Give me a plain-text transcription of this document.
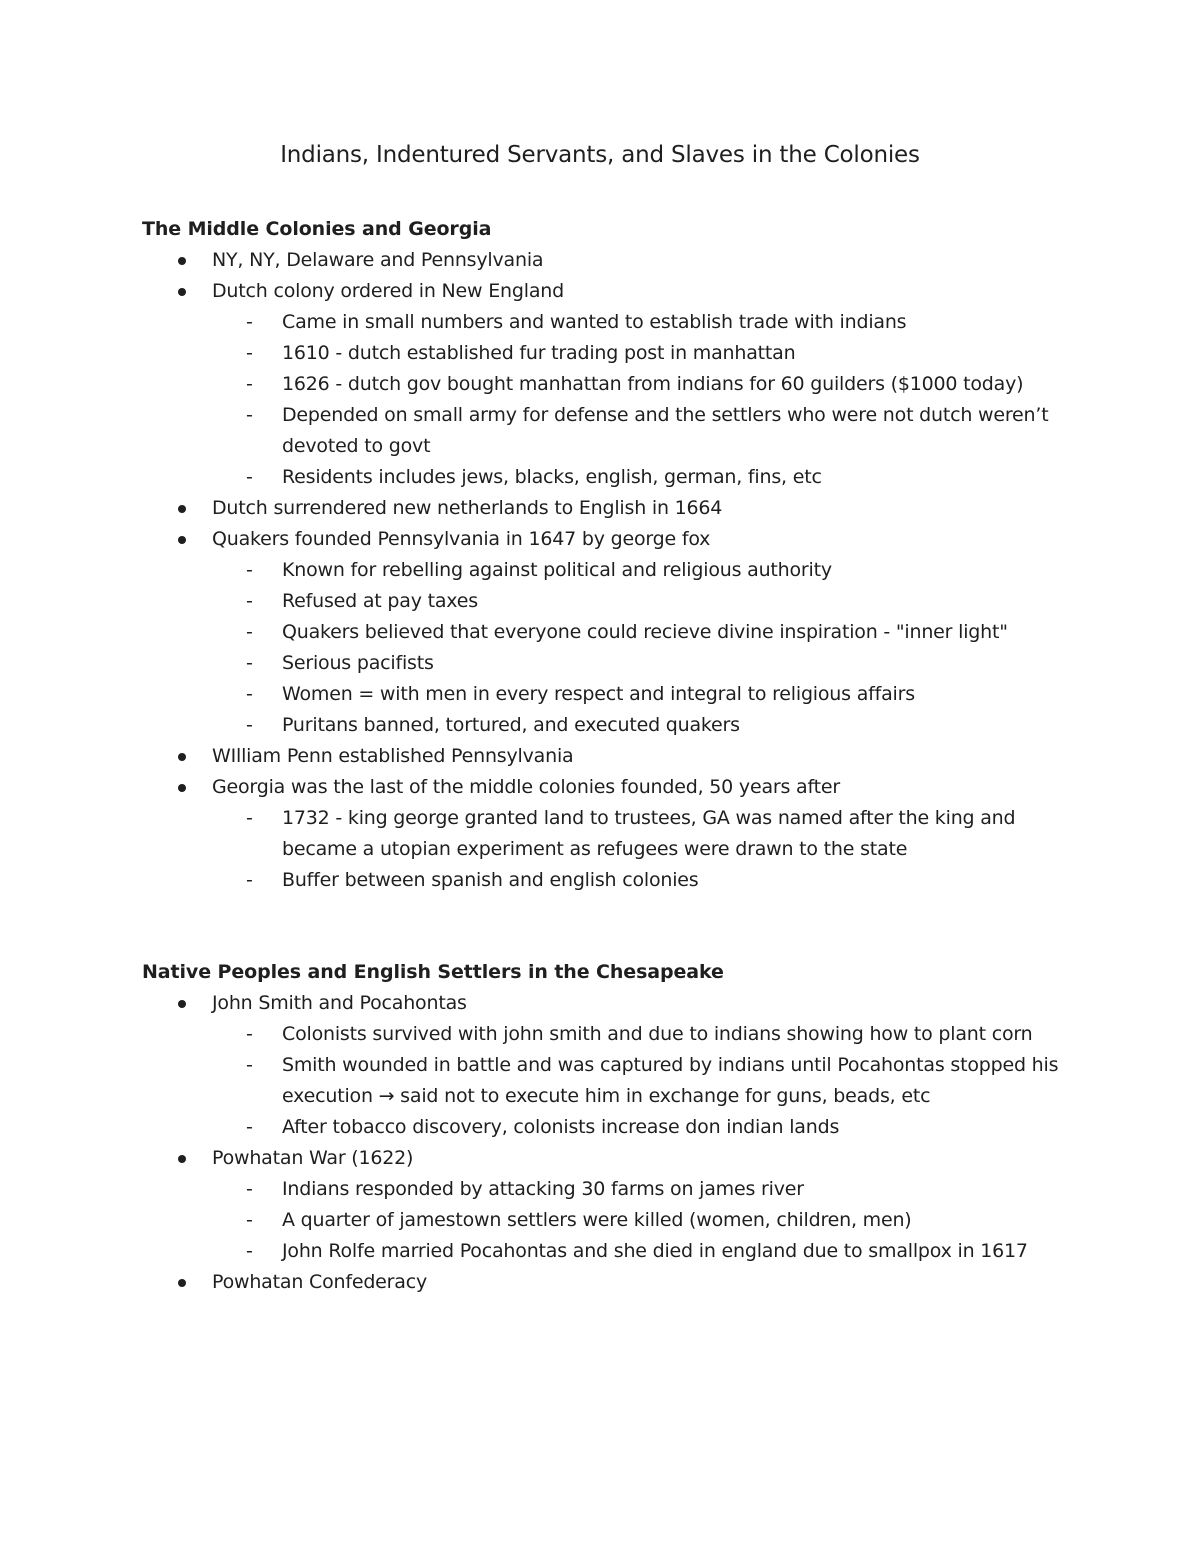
Indians, Indentured Servants, and Slaves in the Colonies
The Middle Colonies and Georgia
NY, NY, Delaware and Pennsylvania
Dutch colony ordered in New England
- Came in small numbers and wanted to establish trade with indians
- 1610 - dutch established fur trading post in manhattan
- 1626 - dutch gov bought manhattan from indians for 60 guilders ($1000 today)
- Depended on small army for defense and the settlers who were not dutch weren’t devoted to govt
- Residents includes jews, blacks, english, german, fins, etc
Dutch surrendered new netherlands to English in 1664
Quakers founded Pennsylvania in 1647 by george fox
- Known for rebelling against political and religious authority
- Refused at pay taxes
- Quakers believed that everyone could recieve divine inspiration - "inner light"
- Serious pacifists
- Women = with men in every respect and integral to religious affairs
- Puritans banned, tortured, and executed quakers
WIlliam Penn established Pennsylvania
Georgia was the last of the middle colonies founded, 50 years after
- 1732 - king george granted land to trustees, GA was named after the king and became a utopian experiment as refugees were drawn to the state
- Buffer between spanish and english colonies
Native Peoples and English Settlers in the Chesapeake
John Smith and Pocahontas
- Colonists survived with john smith and due to indians showing how to plant corn
- Smith wounded in battle and was captured by indians until Pocahontas stopped his execution → said not to execute him in exchange for guns, beads, etc
- After tobacco discovery, colonists increase don indian lands
Powhatan War (1622)
- Indians responded by attacking 30 farms on james river
- A quarter of jamestown settlers were killed (women, children, men)
- John Rolfe married Pocahontas and she died in england due to smallpox in 1617
Powhatan Confederacy
